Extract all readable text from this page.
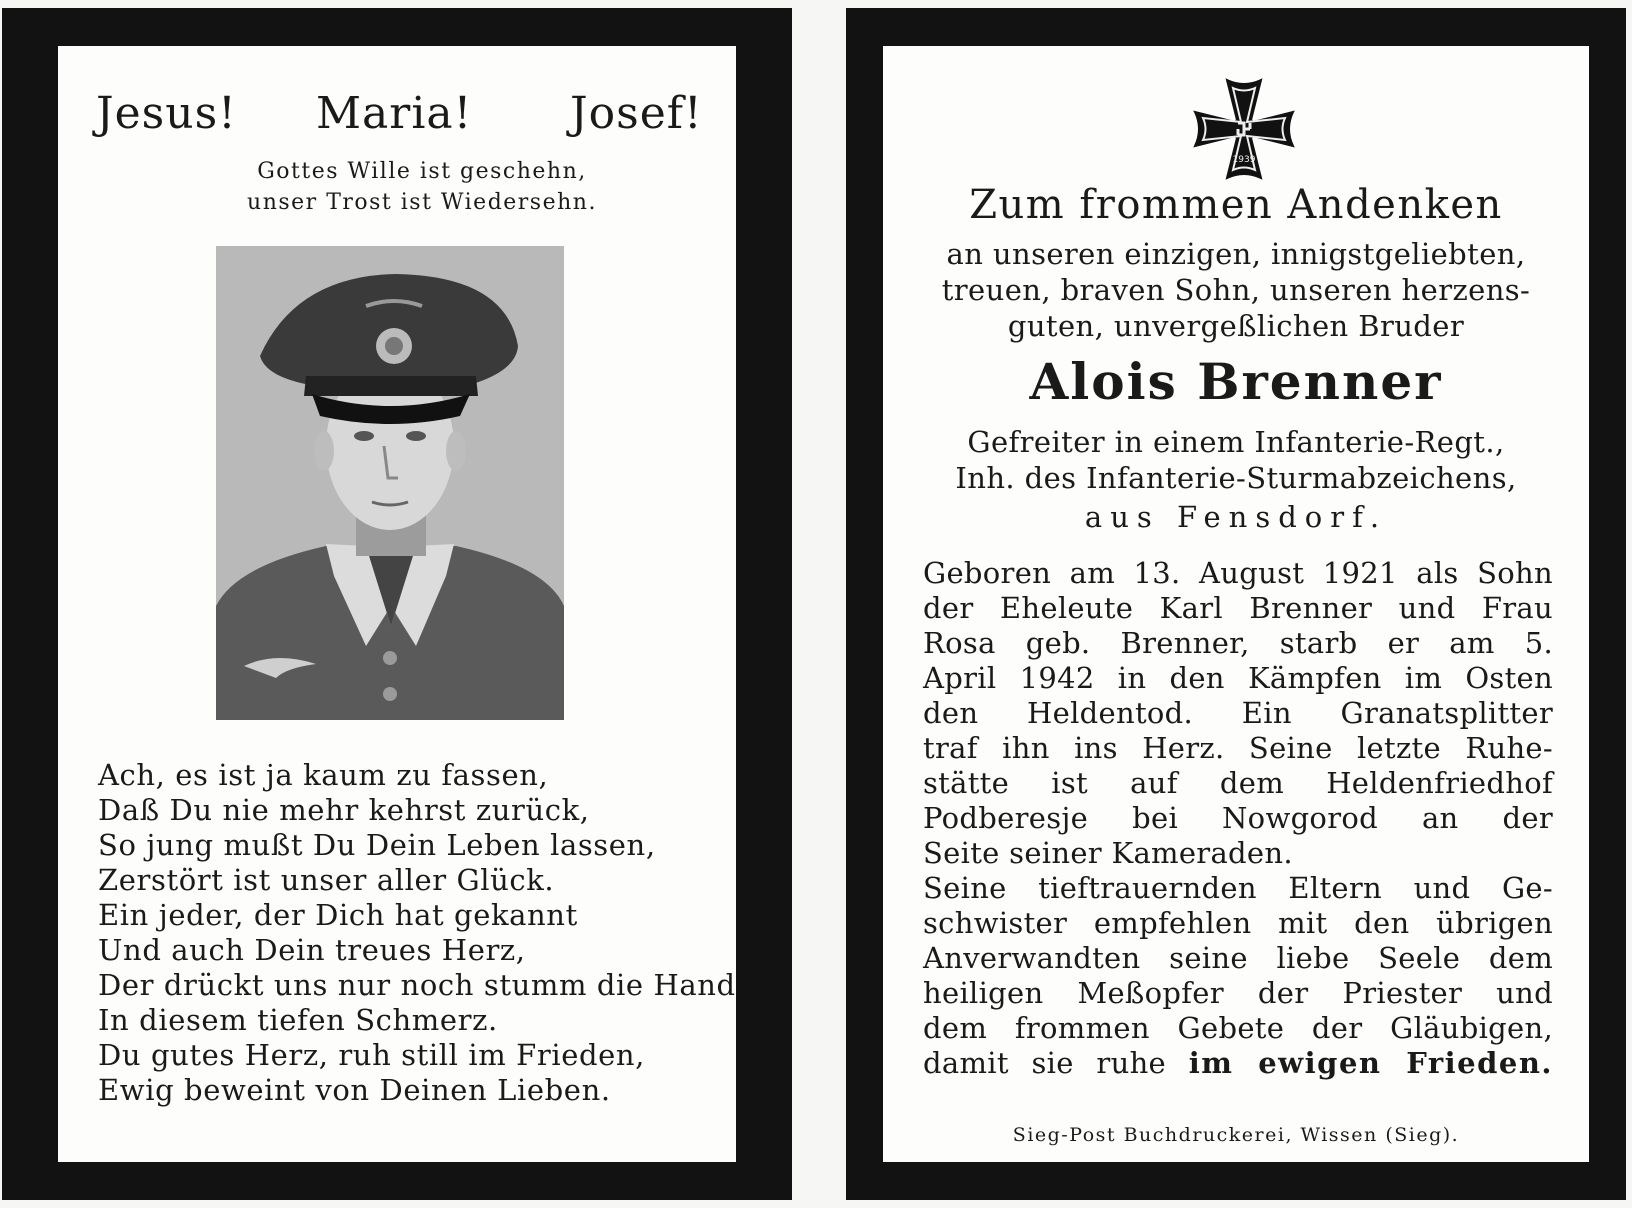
Jesus! Maria! Josef!
Gottes Wille ist geschehn,
unser Trost ist Wiedersehn.
Ach, es ist ja kaum zu fassen,
Daß Du nie mehr kehrst zurück,
So jung mußt Du Dein Leben lassen,
Zerstört ist unser aller Glück.
Ein jeder, der Dich hat gekannt
Und auch Dein treues Herz,
Der drückt uns nur noch stumm die Hand
In diesem tiefen Schmerz.
Du gutes Herz, ruh still im Frieden,
Ewig beweint von Deinen Lieben.
1939
Zum frommen Andenken
an unseren einzigen, innigstgeliebten,
treuen, braven Sohn, unseren herzens-
guten, unvergeßlichen Bruder
Alois Brenner
Gefreiter in einem Infanterie-Regt.,
Inh. des Infanterie-Sturmabzeichens,
aus Fensdorf.
Geboren am 13. August 1921 als Sohn
der Eheleute Karl Brenner und Frau
Rosa geb. Brenner, starb er am 5.
April 1942 in den Kämpfen im Osten
den Heldentod. Ein Granatsplitter
traf ihn ins Herz. Seine letzte Ruhe-
stätte ist auf dem Heldenfriedhof
Podberesje bei Nowgorod an der
Seite seiner Kameraden.
Seine tieftrauernden Eltern und Ge-
schwister empfehlen mit den übrigen
Anverwandten seine liebe Seele dem
heiligen Meßopfer der Priester und
dem frommen Gebete der Gläubigen,
damit sie ruhe im ewigen Frieden.
Sieg-Post Buchdruckerei, Wissen (Sieg).
